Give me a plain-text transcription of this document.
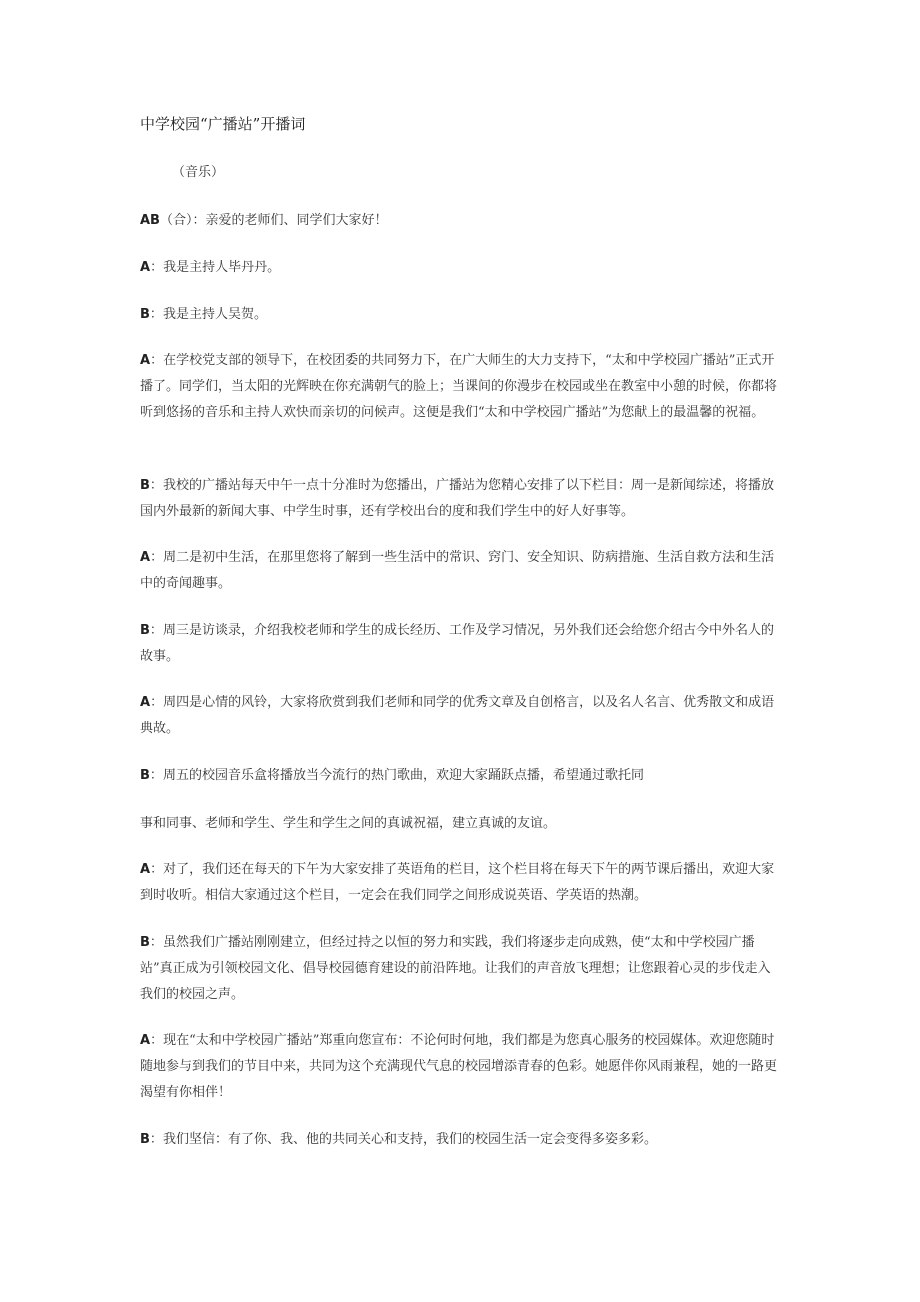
中学校园“广播站”开播词
（音乐）
AB（合）：亲爱的老师们、同学们大家好！
A：我是主持人毕丹丹。
B：我是主持人吴贺。
A：在学校党支部的领导下，在校团委的共同努力下，在广大师生的大力支持下，“太和中学校园广播站”正式开播了。同学们，当太阳的光辉映在你充满朝气的脸上；当课间的你漫步在校园或坐在教室中小憩的时候，你都将听到悠扬的音乐和主持人欢快而亲切的问候声。这便是我们“太和中学校园广播站”为您献上的最温馨的祝福。
B：我校的广播站每天中午一点十分准时为您播出，广播站为您精心安排了以下栏目：周一是新闻综述，将播放国内外最新的新闻大事、中学生时事，还有学校出台的度和我们学生中的好人好事等。
A：周二是初中生活，在那里您将了解到一些生活中的常识、窍门、安全知识、防病措施、生活自救方法和生活中的奇闻趣事。
B：周三是访谈录，介绍我校老师和学生的成长经历、工作及学习情况，另外我们还会给您介绍古今中外名人的故事。
A：周四是心情的风铃，大家将欣赏到我们老师和同学的优秀文章及自创格言，以及名人名言、优秀散文和成语典故。
B：周五的校园音乐盒将播放当今流行的热门歌曲，欢迎大家踊跃点播，希望通过歌托同
事和同事、老师和学生、学生和学生之间的真诚祝福，建立真诚的友谊。
A：对了，我们还在每天的下午为大家安排了英语角的栏目，这个栏目将在每天下午的两节课后播出，欢迎大家到时收听。相信大家通过这个栏目，一定会在我们同学之间形成说英语、学英语的热潮。
B：虽然我们广播站刚刚建立，但经过持之以恒的努力和实践，我们将逐步走向成熟，使“太和中学校园广播站”真正成为引领校园文化、倡导校园德育建设的前沿阵地。让我们的声音放飞理想；让您跟着心灵的步伐走入我们的校园之声。
A：现在“太和中学校园广播站”郑重向您宣布：不论何时何地，我们都是为您真心服务的校园媒体。欢迎您随时随地参与到我们的节目中来，共同为这个充满现代气息的校园增添青春的色彩。她愿伴你风雨兼程，她的一路更渴望有你相伴！
B：我们坚信：有了你、我、他的共同关心和支持，我们的校园生活一定会变得多姿多彩。
